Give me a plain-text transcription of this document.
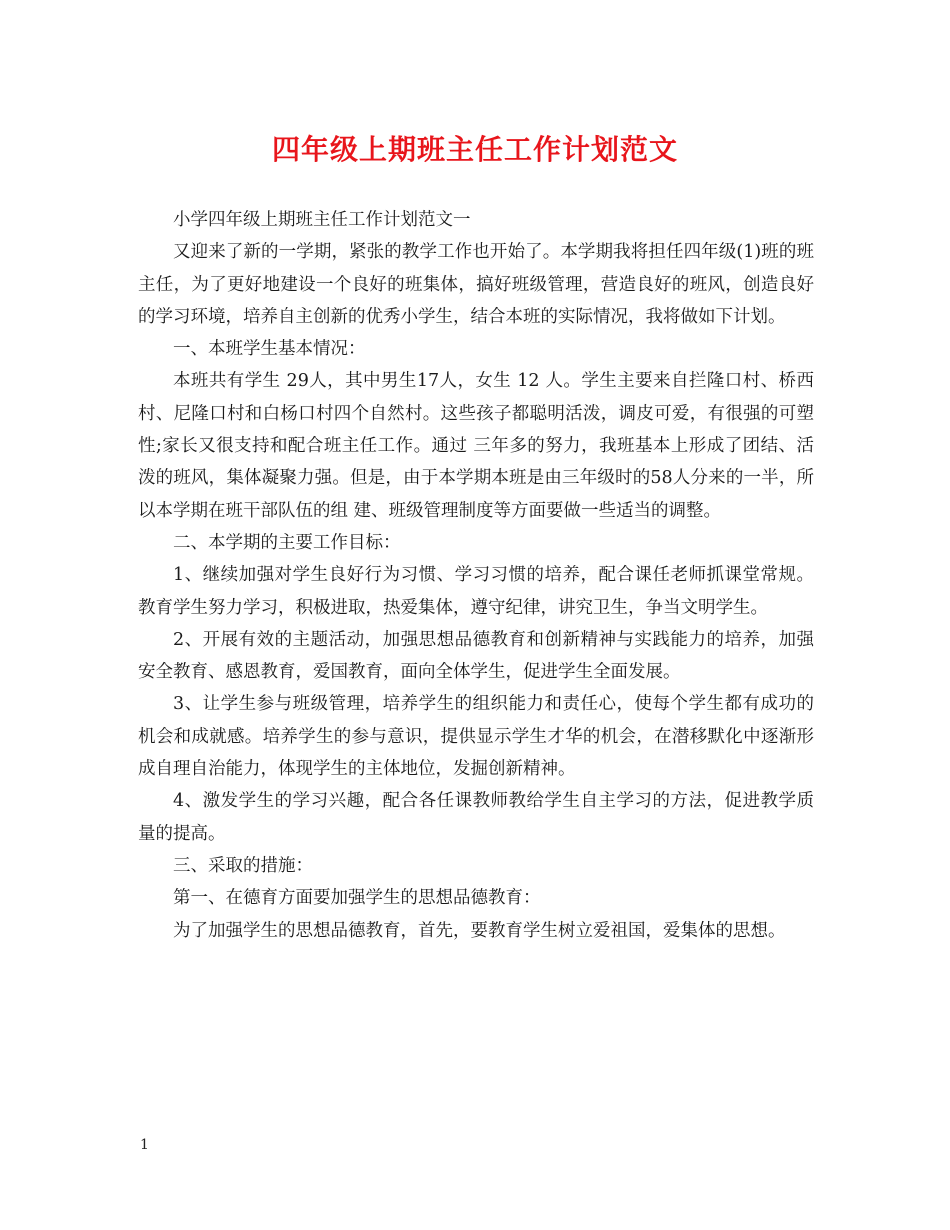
四年级上期班主任工作计划范文

小学四年级上期班主任工作计划范文一

又迎来了新的一学期，紧张的教学工作也开始了。本学期我将担任四年级(1)班的班主任，为了更好地建设一个良好的班集体，搞好班级管理，营造良好的班风，创造良好的学习环境，培养自主创新的优秀小学生，结合本班的实际情况，我将做如下计划。

一、本班学生基本情况：

本班共有学生 29人，其中男生17人，女生 12 人。学生主要来自拦隆口村、桥西村、尼隆口村和白杨口村四个自然村。这些孩子都聪明活泼，调皮可爱，有很强的可塑性;家长又很支持和配合班主任工作。通过 三年多的努力，我班基本上形成了团结、活泼的班风，集体凝聚力强。但是，由于本学期本班是由三年级时的58人分来的一半，所以本学期在班干部队伍的组 建、班级管理制度等方面要做一些适当的调整。

二、本学期的主要工作目标：

1、继续加强对学生良好行为习惯、学习习惯的培养，配合课任老师抓课堂常规。教育学生努力学习，积极进取，热爱集体，遵守纪律，讲究卫生，争当文明学生。

2、开展有效的主题活动，加强思想品德教育和创新精神与实践能力的培养，加强安全教育、感恩教育，爱国教育，面向全体学生，促进学生全面发展。

3、让学生参与班级管理，培养学生的组织能力和责任心，使每个学生都有成功的机会和成就感。培养学生的参与意识，提供显示学生才华的机会，在潜移默化中逐渐形成自理自治能力，体现学生的主体地位，发掘创新精神。

4、激发学生的学习兴趣，配合各任课教师教给学生自主学习的方法，促进教学质量的提高。

三、采取的措施：

第一、在德育方面要加强学生的思想品德教育：

为了加强学生的思想品德教育，首先，要教育学生树立爱祖国，爱集体的思想。

1
